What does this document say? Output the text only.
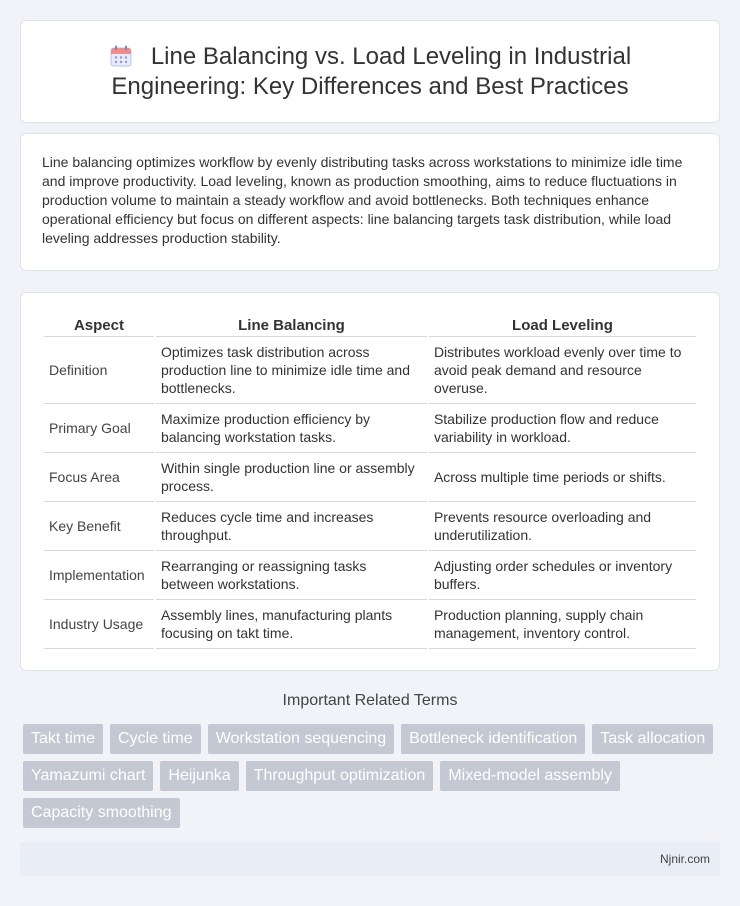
Line Balancing vs. Load Leveling in Industrial Engineering: Key Differences and Best Practices

Line balancing optimizes workflow by evenly distributing tasks across workstations to minimize idle time and improve productivity. Load leveling, known as production smoothing, aims to reduce fluctuations in production volume to maintain a steady workflow and avoid bottlenecks. Both techniques enhance operational efficiency but focus on different aspects: line balancing targets task distribution, while load leveling addresses production stability.

Aspect	Line Balancing	Load Leveling
Definition	Optimizes task distribution across production line to minimize idle time and bottlenecks.	Distributes workload evenly over time to avoid peak demand and resource overuse.
Primary Goal	Maximize production efficiency by balancing workstation tasks.	Stabilize production flow and reduce variability in workload.
Focus Area	Within single production line or assembly process.	Across multiple time periods or shifts.
Key Benefit	Reduces cycle time and increases throughput.	Prevents resource overloading and underutilization.
Implementation	Rearranging or reassigning tasks between workstations.	Adjusting order schedules or inventory buffers.
Industry Usage	Assembly lines, manufacturing plants focusing on takt time.	Production planning, supply chain management, inventory control.
Important Related Terms
Takt time	Cycle time	Workstation sequencing	Bottleneck identification	Task allocation
Yamazumi chart	Heijunka	Throughput optimization	Mixed-model assembly
Capacity smoothing
Njnir.com
